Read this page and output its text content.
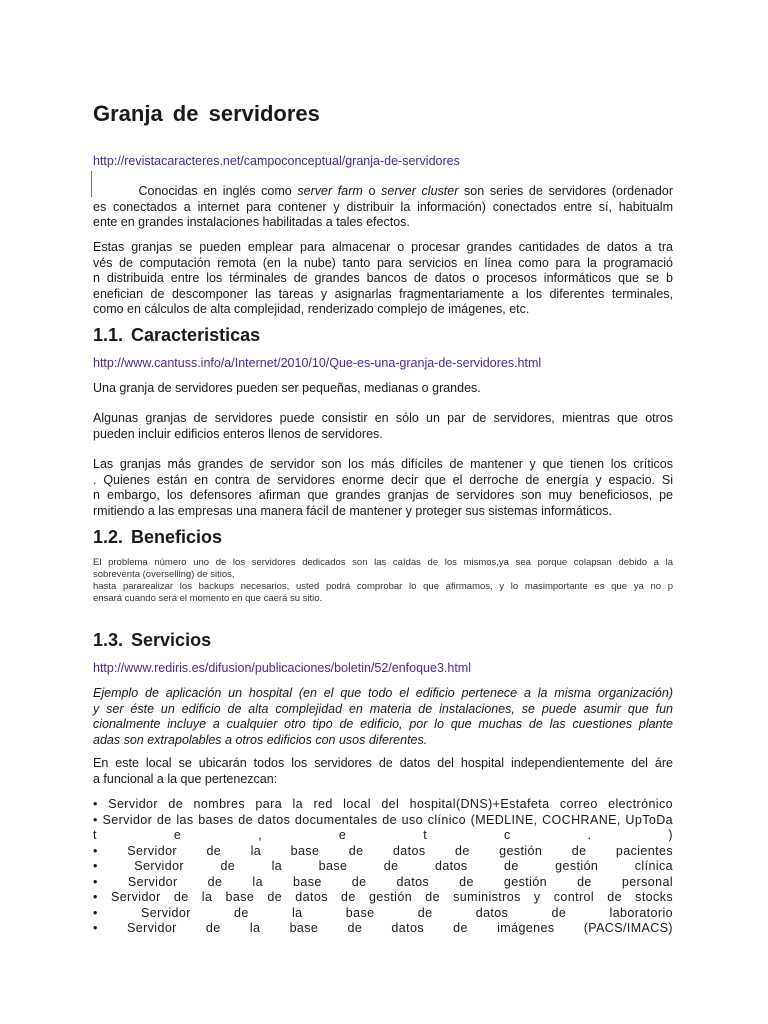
Granja de servidores
http://revistacaracteres.net/campoconceptual/granja-de-servidores
Conocidas en inglés como server farm o server cluster son series de servidores (ordenador
es conectados a internet para contener y distribuir la información) conectados entre sí, habitualm
ente en grandes instalaciones habilitadas a tales efectos.
Estas granjas se pueden emplear para almacenar o procesar grandes cantidades de datos a tra
vés de computación remota (en la nube) tanto para servicios en línea como para la programació
n distribuida entre los términales de grandes bancos de datos o procesos informáticos que se b
enefician de descomponer las tareas y asignarlas fragmentariamente a los diferentes terminales,
como en cálculos de alta complejidad, renderizado complejo de imágenes, etc.
1.1. Caracteristicas
http://www.cantuss.info/a/Internet/2010/10/Que-es-una-granja-de-servidores.html
Una granja de servidores pueden ser pequeñas, medianas o grandes.
Algunas granjas de servidores puede consistir en sólo un par de servidores, mientras que otros
pueden incluir edificios enteros llenos de servidores.
Las granjas más grandes de servidor son los más difíciles de mantener y que tienen los críticos
. Quienes están en contra de servidores enorme decir que el derroche de energía y espacio. Si
n embargo, los defensores afirman que grandes granjas de servidores son muy beneficiosos, pe
rmitiendo a las empresas una manera fácil de mantener y proteger sus sistemas informáticos.
1.2. Beneficios
El problema número uno de los servidores dedicados son las caídas de los mismos,ya sea porque colapsan debido a la
sobreventa (overselling) de sitios,
hasta pararealizar los backups necesarios, usted podrá comprobar lo que afirmamos, y lo masimportante es que ya no p
ensará cuando será el momento en que caerá su sitio.
1.3. Servicios
http://www.rediris.es/difusion/publicaciones/boletin/52/enfoque3.html
Ejemplo de aplicación un hospital (en el que todo el edificio pertenece a la misma organización)
y ser éste un edificio de alta complejidad en materia de instalaciones, se puede asumir que fun
cionalmente incluye a cualquier otro tipo de edificio, por lo que muchas de las cuestiones plante
adas son extrapolables a otros edificios con usos diferentes.
En este local se ubicarán todos los servidores de datos del hospital independientemente del áre
a funcional a la que pertenezcan:
• Servidor de nombres para la red local del hospital(DNS)+Estafeta correo electrónico
• Servidor de las bases de datos documentales de uso clínico (MEDLINE, COCHRANE, UpToDa
t e , e t c . )
• Servidor de la base de datos de gestión de pacientes
• Servidor de la base de datos de gestión clínica
• Servidor de la base de datos de gestión de personal
• Servidor de la base de datos de gestión de suministros y control de stocks
• Servidor de la base de datos de laboratorio
• Servidor de la base de datos de imágenes (PACS/IMACS)
